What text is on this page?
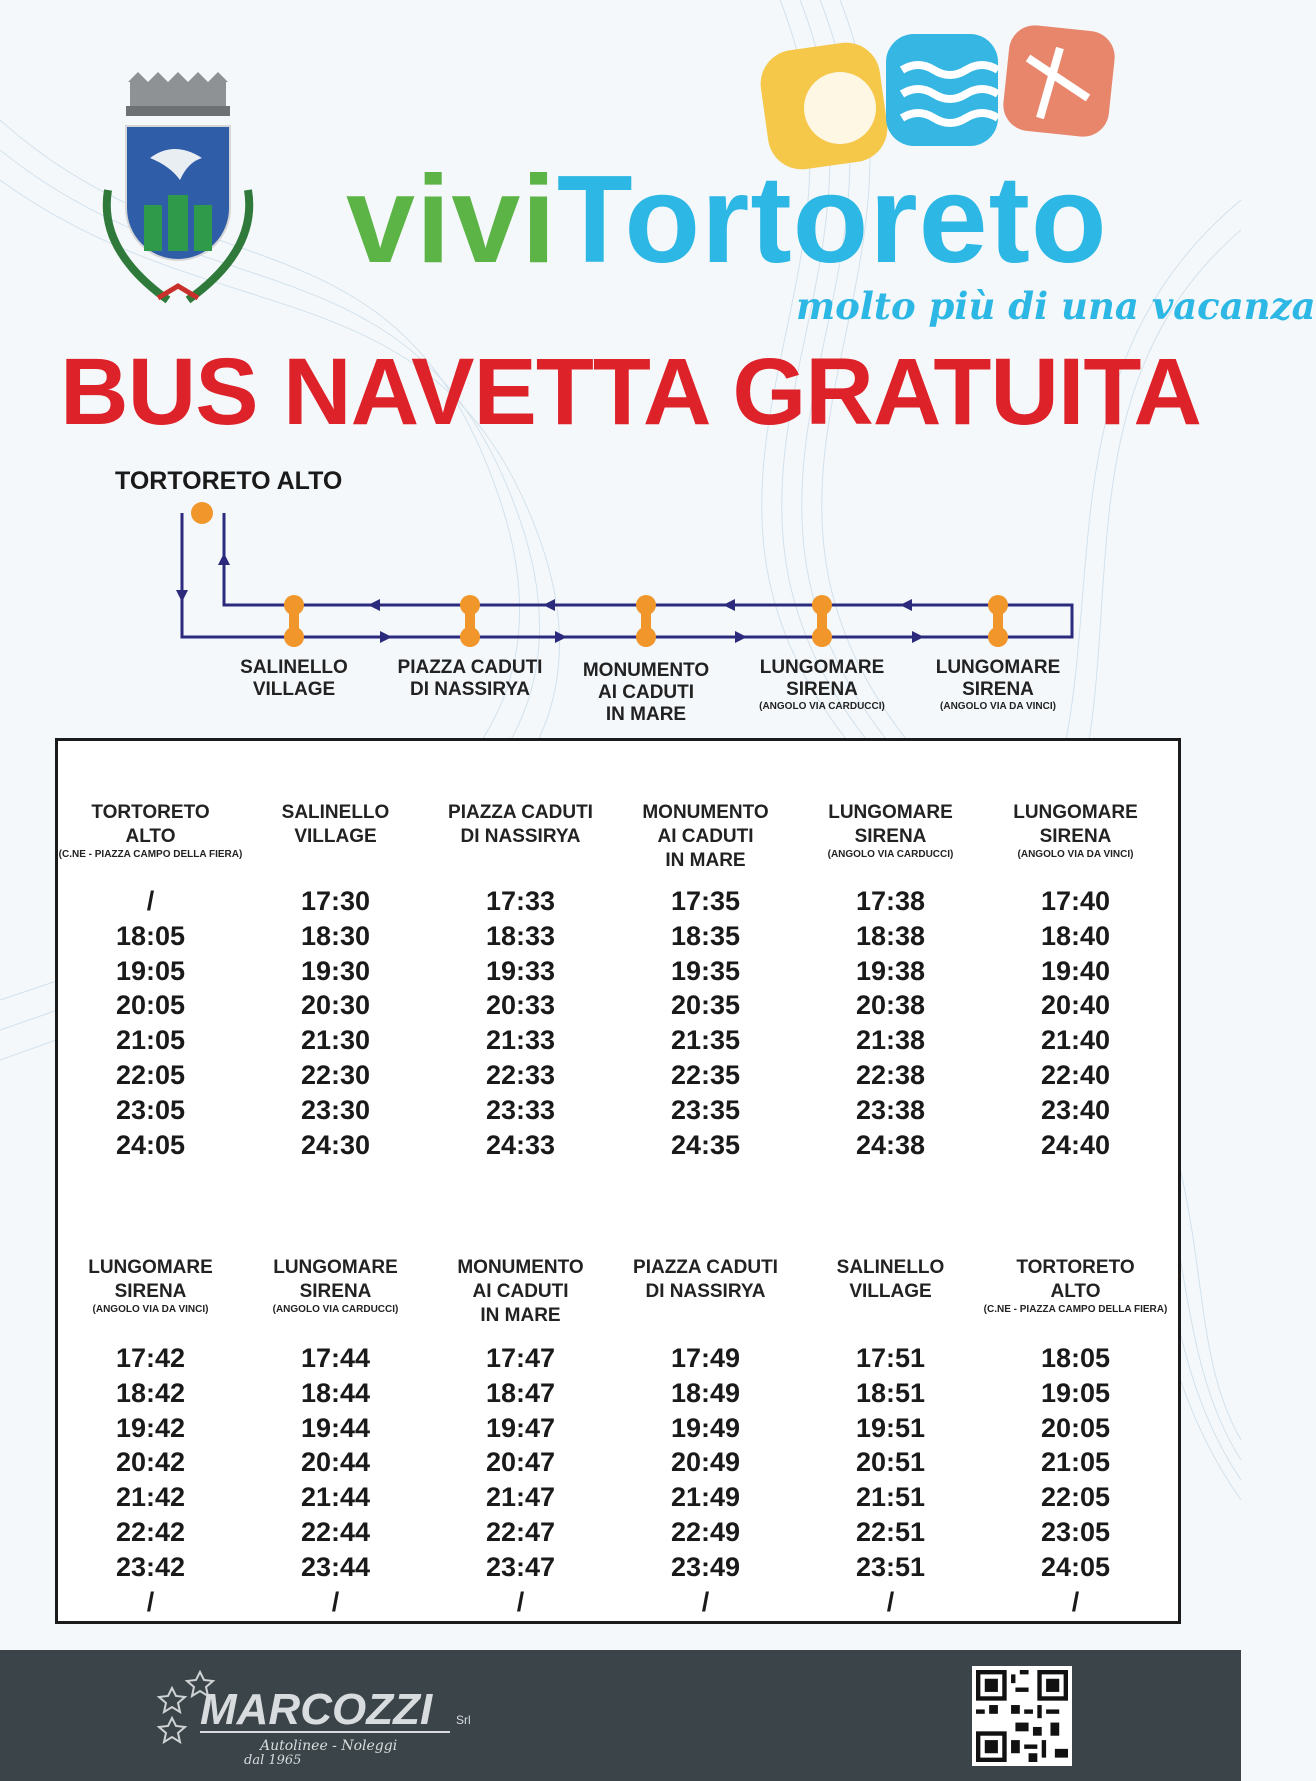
viviTortoreto

molto più di una vacanza

BUS NAVETTA GRATUITA

TORTORETO ALTO

SALINELLO
VILLAGE
PIAZZA CADUTI
DI NASSIRYA
MONUMENTO
AI CADUTI
IN MARE
LUNGOMARE
SIRENA
(ANGOLO VIA CARDUCCI)
LUNGOMARE
SIRENA
(ANGOLO VIA DA VINCI)
TORTORETO
ALTO
(C.NE - PIAZZA CAMPO DELLA FIERA)
SALINELLO
VILLAGE
PIAZZA CADUTI
DI NASSIRYA
MONUMENTO
AI CADUTI
IN MARE
LUNGOMARE
SIRENA
(ANGOLO VIA CARDUCCI)
LUNGOMARE
SIRENA
(ANGOLO VIA DA VINCI)
/
18:05
19:05
20:05
21:05
22:05
23:05
24:05
17:30
18:30
19:30
20:30
21:30
22:30
23:30
24:30
17:33
18:33
19:33
20:33
21:33
22:33
23:33
24:33
17:35
18:35
19:35
20:35
21:35
22:35
23:35
24:35
17:38
18:38
19:38
20:38
21:38
22:38
23:38
24:38
17:40
18:40
19:40
20:40
21:40
22:40
23:40
24:40
LUNGOMARE
SIRENA
(ANGOLO VIA DA VINCI)
LUNGOMARE
SIRENA
(ANGOLO VIA CARDUCCI)
MONUMENTO
AI CADUTI
IN MARE
PIAZZA CADUTI
DI NASSIRYA
SALINELLO
VILLAGE
TORTORETO
ALTO
(C.NE - PIAZZA CAMPO DELLA FIERA)
17:42
18:42
19:42
20:42
21:42
22:42
23:42
/
17:44
18:44
19:44
20:44
21:44
22:44
23:44
/
17:47
18:47
19:47
20:47
21:47
22:47
23:47
/
17:49
18:49
19:49
20:49
21:49
22:49
23:49
/
17:51
18:51
19:51
20:51
21:51
22:51
23:51
/
18:05
19:05
20:05
21:05
22:05
23:05
24:05
/
MARCOZZI Srl
Autolinee - Noleggi
dal 1965
